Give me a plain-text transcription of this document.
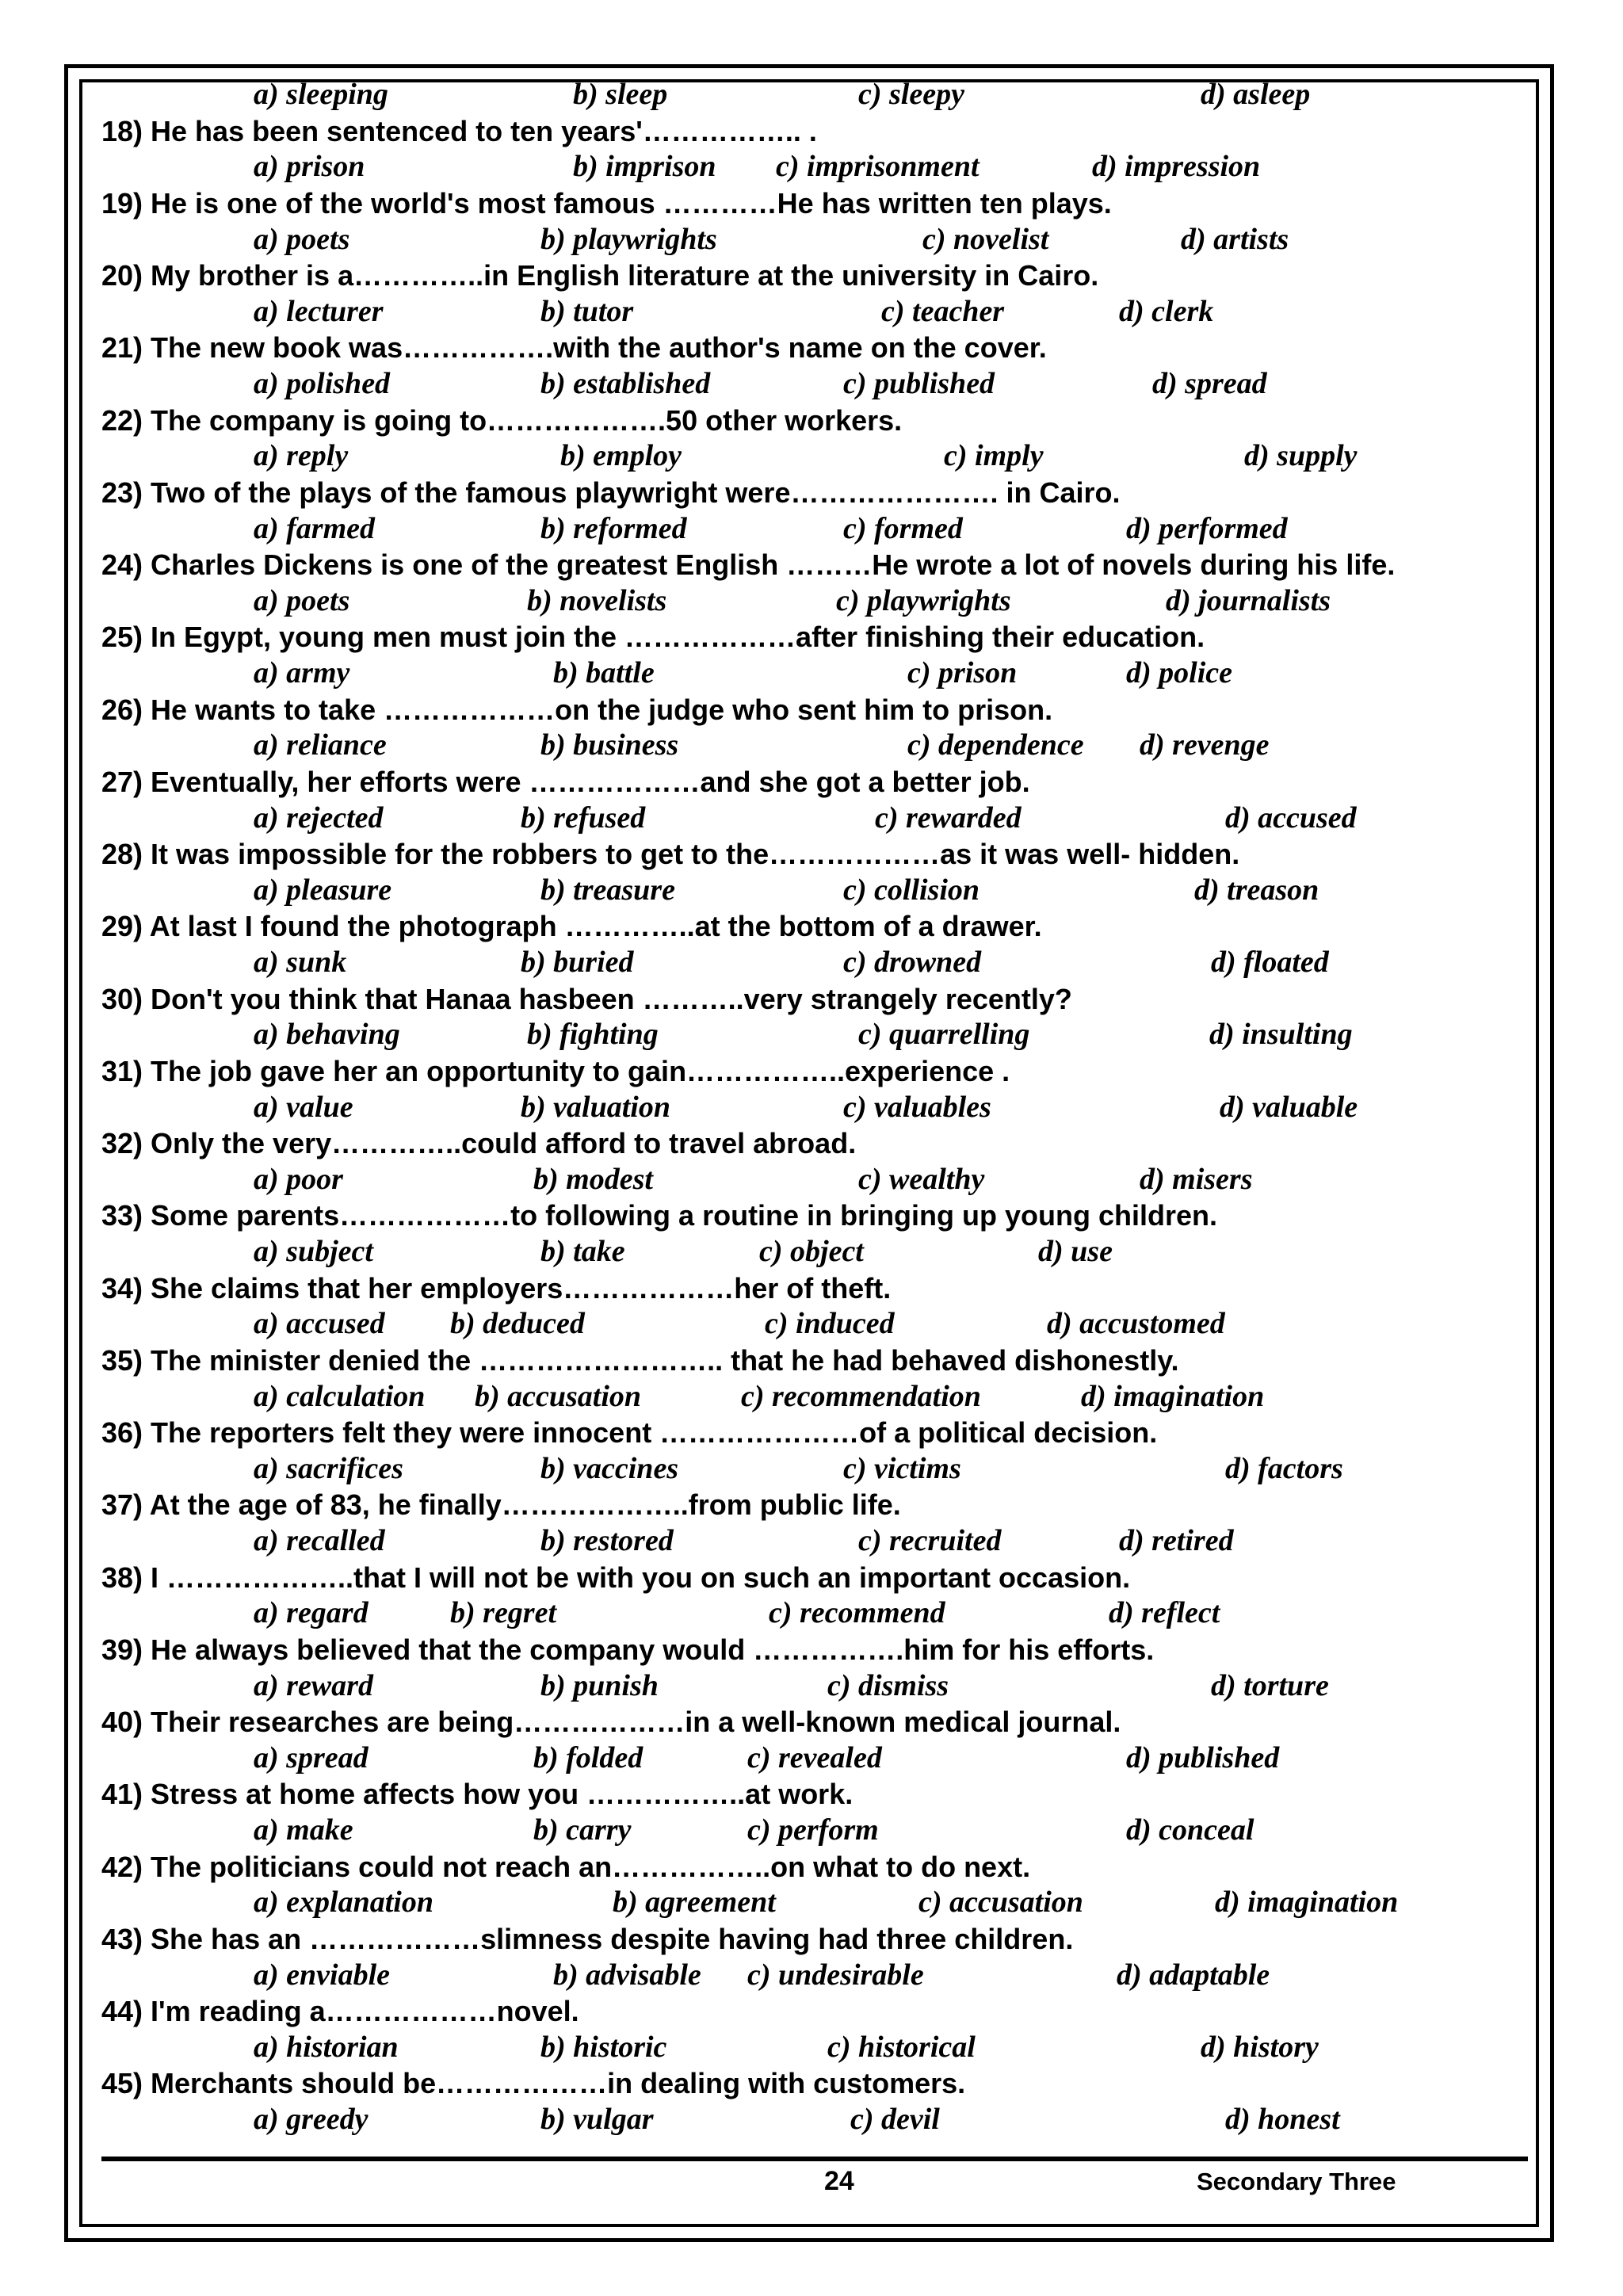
a) sleeping	b) sleep	c) sleepy	d) asleep
18) He has been sentenced to ten years'…………….. .
a) prison	b) imprison c) imprisonment	d) impression
19) He is one of the world's most famous …………He has written ten plays.
a) poets	b) playwrights	c) novelist	d) artists
20) My brother is a…………..in English literature at the university in Cairo.
a) lecturer	b) tutor	c) teacher	d) clerk
21) The new book was…………….with the author's name on the cover.
a) polished	b) established	c) published	d) spread
22) The company is going to……………….50 other workers.
a) reply	b) employ	c) imply	d) supply
23) Two of the plays of the famous playwright were…………………. in Cairo.
a) farmed	b) reformed	c) formed	d) performed
24) Charles Dickens is one of the greatest English ………He wrote a lot of novels during his life.
a) poets	b) novelists	c) playwrights	d) journalists
25) In Egypt, young men must join the ………………after finishing their education.
a) army	b) battle	c) prison	d) police
26) He wants to take ………………on the judge who sent him to prison.
a) reliance	b) business	c) dependence d) revenge
27) Eventually, her efforts were ………………and she got a better job.
a) rejected	b) refused	c) rewarded	d) accused
28) It was impossible for the robbers to get to the………………as it was well- hidden.
a) pleasure	b) treasure	c) collision	d) treason
29) At last I found the photograph …………..at the bottom of a drawer.
a) sunk	b) buried	c) drowned	d) floated
30) Don't you think that Hanaa hasbeen ………..very strangely recently?
a) behaving	b) fighting	c) quarrelling	d) insulting
31) The job gave her an opportunity to gain……………..experience .
a) value	b) valuation	c) valuables	d) valuable
32) Only the very…………..could afford to travel abroad.
a) poor	b) modest	c) wealthy	d) misers
33) Some parents………………to following a routine in bringing up young children.
a) subject	b) take	c) object	d) use
34) She claims that her employers………………her of theft.
a) accused b) deduced	c) induced	d) accustomed
35) The minister denied the …………………….. that he had behaved dishonestly.
a) calculation b) accusation	c) recommendation	d) imagination
36) The reporters felt they were innocent …………………of a political decision.
a) sacrifices	b) vaccines	c) victims	d) factors
37) At the age of 83, he finally………………..from public life.
a) recalled	b) restored	c) recruited	d) retired
38) I ………………..that I will not be with you on such an important occasion.
a) regard	b) regret	c) recommend	d) reflect
39) He always believed that the company would …………….him for his efforts.
a) reward	b) punish	c) dismiss	d) torture
40) Their researches are being………………in a well-known medical journal.
a) spread	b) folded	c) revealed	d) published
41) Stress at home affects how you ……………..at work.
a) make	b) carry	c) perform	d) conceal
42) The politicians could not reach an……………..on what to do next.
a) explanation	b) agreement	c) accusation	d) imagination
43) She has an ………………slimness despite having had three children.
a) enviable	b) advisable c) undesirable	d) adaptable
44) I'm reading a………………novel.
a) historian	b) historic	c) historical	d) history
45) Merchants should be………………in dealing with customers.
a) greedy	b) vulgar	c) devil	d) honest
24	Secondary Three
